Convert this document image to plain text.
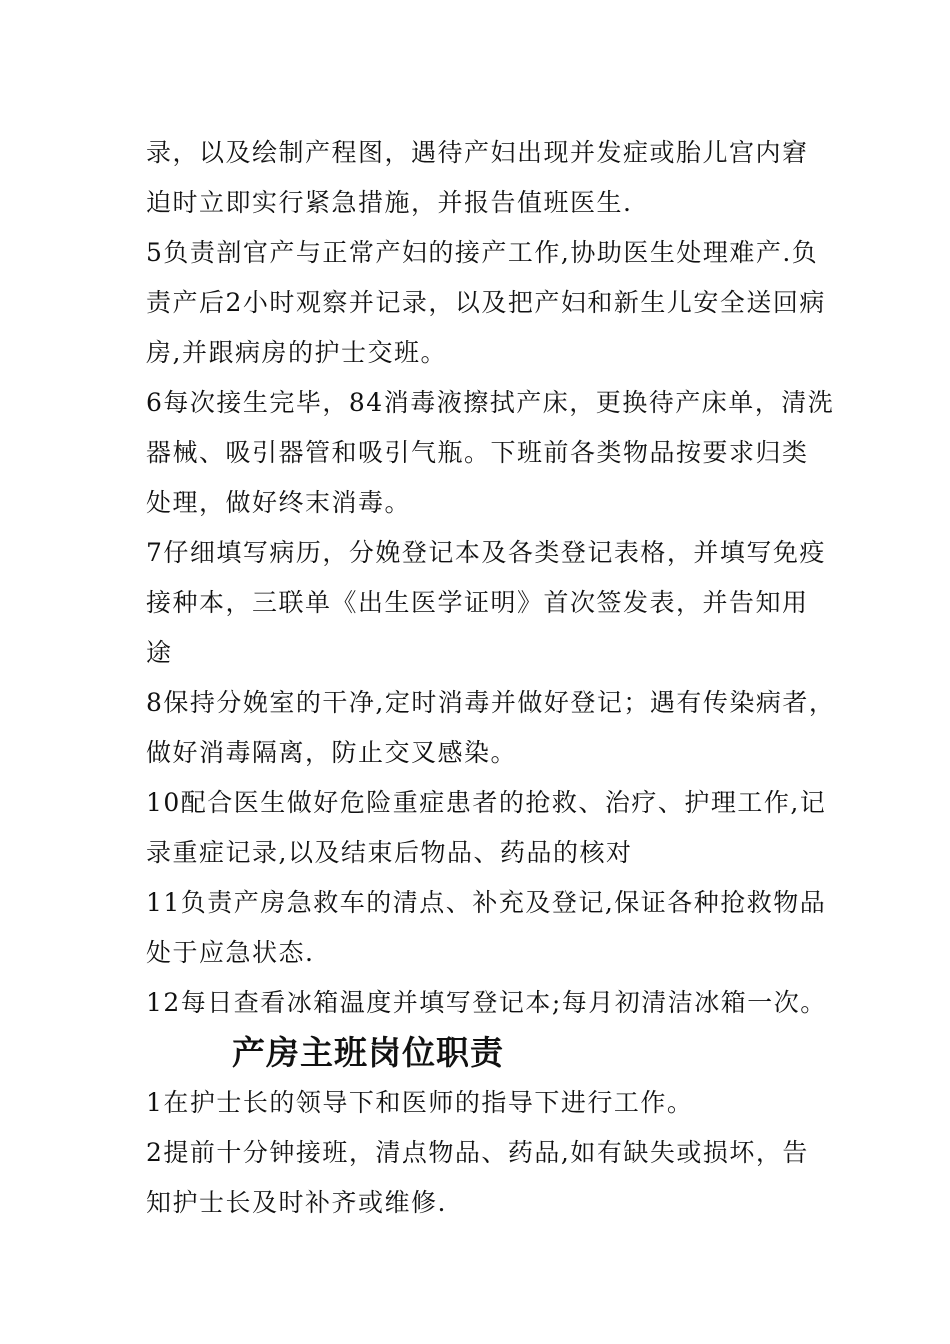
录，以及绘制产程图，遇待产妇出现并发症或胎儿宫内窘
迫时立即实行紧急措施，并报告值班医生.
5负责剖官产与正常产妇的接产工作,协助医生处理难产.负
责产后2小时观察并记录，以及把产妇和新生儿安全送回病
房,并跟病房的护士交班。
6每次接生完毕，84消毒液擦拭产床，更换待产床单，清洗
器械、吸引器管和吸引气瓶。下班前各类物品按要求归类
处理，做好终末消毒。
7仔细填写病历，分娩登记本及各类登记表格，并填写免疫
接种本，三联单《出生医学证明》首次签发表，并告知用
途
8保持分娩室的干净,定时消毒并做好登记；遇有传染病者，
做好消毒隔离，防止交叉感染。
10配合医生做好危险重症患者的抢救、治疗、护理工作,记
录重症记录,以及结束后物品、药品的核对
11负责产房急救车的清点、补充及登记,保证各种抢救物品
处于应急状态.
12每日查看冰箱温度并填写登记本;每月初清洁冰箱一次。
产房主班岗位职责
1在护士长的领导下和医师的指导下进行工作。
2提前十分钟接班，清点物品、药品,如有缺失或损坏，告
知护士长及时补齐或维修.
